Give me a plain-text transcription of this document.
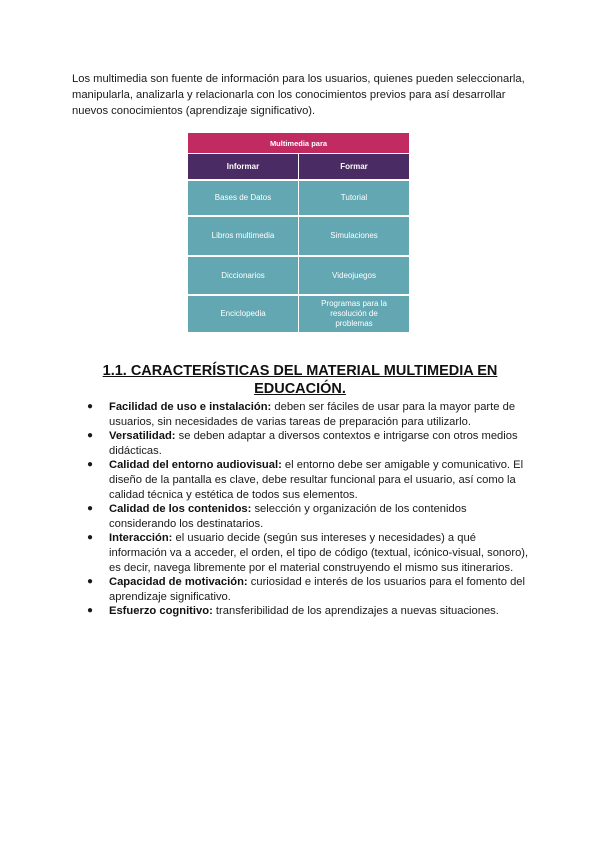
Los multimedia son fuente de información para los usuarios, quienes pueden seleccionarla, manipularla, analizarla y relacionarla con los conocimientos previos para así desarrollar nuevos conocimientos (aprendizaje significativo).

Multimedia para	
Informar	Formar
Bases de Datos	Tutorial
Libros multimedia	Simulaciones
Diccionarios	Videojuegos
Enciclopedia	Programas para la resolución de problemas
1.1. CARACTERÍSTICAS DEL MATERIAL MULTIMEDIA EN EDUCACIÓN.
● Facilidad de uso e instalación: deben ser fáciles de usar para la mayor parte de usuarios, sin necesidades de varias tareas de preparación para utilizarlo.
● Versatilidad: se deben adaptar a diversos contextos e intrigarse con otros medios didácticas.
● Calidad del entorno audiovisual: el entorno debe ser amigable y comunicativo. El diseño de la pantalla es clave, debe resultar funcional para el usuario, así como la calidad técnica y estética de todos sus elementos.
● Calidad de los contenidos: selección y organización de los contenidos considerando los destinatarios.
● Interacción: el usuario decide (según sus intereses y necesidades) a qué información va a acceder, el orden, el tipo de código (textual, icónico-visual, sonoro), es decir, navega libremente por el material construyendo el mismo sus itinerarios.
● Capacidad de motivación: curiosidad e interés de los usuarios para el fomento del aprendizaje significativo.
● Esfuerzo cognitivo: transferibilidad de los aprendizajes a nuevas situaciones.
